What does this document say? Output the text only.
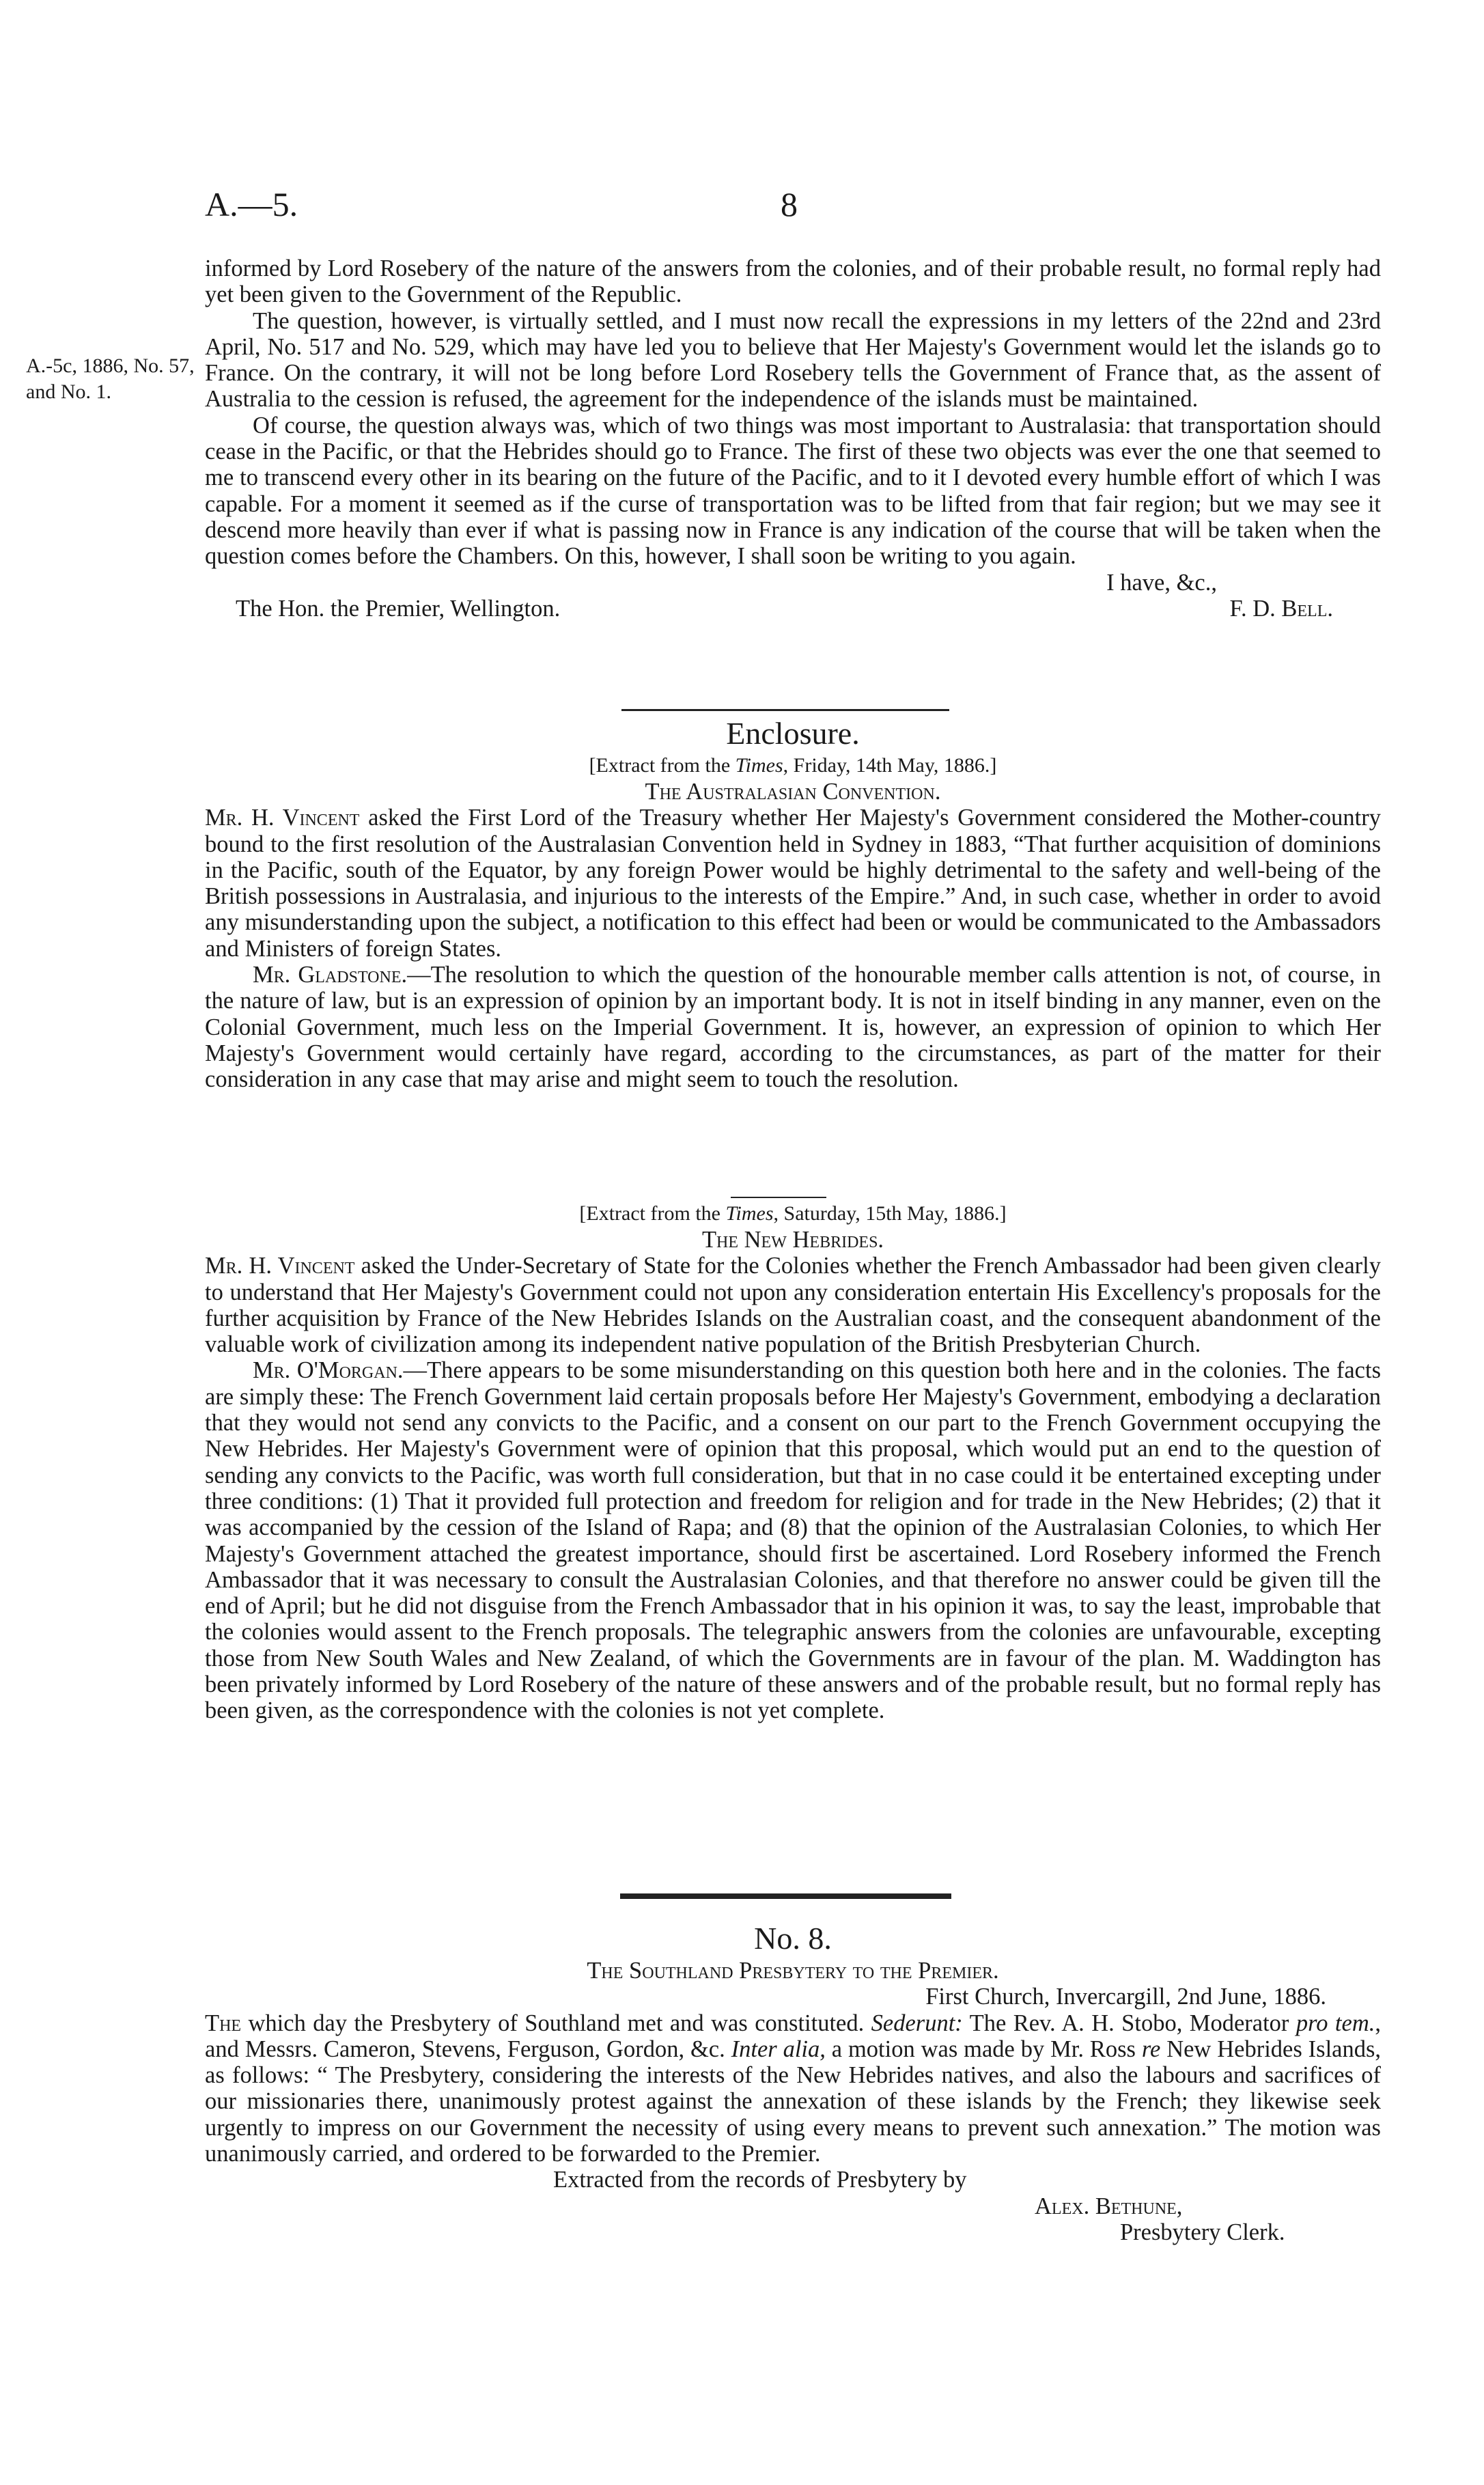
A.—5.	8
A.-5c, 1886, No. 57, and No. 1.

informed by Lord Rosebery of the nature of the answers from the colonies, and of their probable result, no formal reply had yet been given to the Government of the Republic.

The question, however, is virtually settled, and I must now recall the expressions in my letters of the 22nd and 23rd April, No. 517 and No. 529, which may have led you to believe that Her Majesty's Government would let the islands go to France. On the contrary, it will not be long before Lord Rosebery tells the Government of France that, as the assent of Australia to the cession is refused, the agreement for the independence of the islands must be maintained.

Of course, the question always was, which of two things was most important to Australasia: that transportation should cease in the Pacific, or that the Hebrides should go to France. The first of these two objects was ever the one that seemed to me to transcend every other in its bearing on the future of the Pacific, and to it I devoted every humble effort of which I was capable. For a moment it seemed as if the curse of transportation was to be lifted from that fair region; but we may see it descend more heavily than ever if what is passing now in France is any indication of the course that will be taken when the question comes before the Chambers. On this, however, I shall soon be writing to you again.

I have, &c.,

The Hon. the Premier, Wellington.	F. D. Bell.

Enclosure.

[Extract from the Times, Friday, 14th May, 1886.]

The Australasian Convention.

Mr. H. Vincent asked the First Lord of the Treasury whether Her Majesty's Government considered the Mother-country bound to the first resolution of the Australasian Convention held in Sydney in 1883, “That further acquisition of dominions in the Pacific, south of the Equator, by any foreign Power would be highly detrimental to the safety and well-being of the British possessions in Australasia, and injurious to the interests of the Empire.” And, in such case, whether in order to avoid any misunderstanding upon the subject, a notification to this effect had been or would be communicated to the Ambassadors and Ministers of foreign States.

Mr. Gladstone.—The resolution to which the question of the honourable member calls attention is not, of course, in the nature of law, but is an expression of opinion by an important body. It is not in itself binding in any manner, even on the Colonial Government, much less on the Imperial Government. It is, however, an expression of opinion to which Her Majesty's Government would certainly have regard, according to the circumstances, as part of the matter for their consideration in any case that may arise and might seem to touch the resolution.

[Extract from the Times, Saturday, 15th May, 1886.]

The New Hebrides.

Mr. H. Vincent asked the Under-Secretary of State for the Colonies whether the French Ambassador had been given clearly to understand that Her Majesty's Government could not upon any consideration entertain His Excellency's proposals for the further acquisition by France of the New Hebrides Islands on the Australian coast, and the consequent abandonment of the valuable work of civilization among its independent native population of the British Presbyterian Church.

Mr. O'Morgan.—There appears to be some misunderstanding on this question both here and in the colonies. The facts are simply these: The French Government laid certain proposals before Her Majesty's Government, embodying a declaration that they would not send any convicts to the Pacific, and a consent on our part to the French Government occupying the New Hebrides. Her Majesty's Government were of opinion that this proposal, which would put an end to the question of sending any convicts to the Pacific, was worth full consideration, but that in no case could it be entertained excepting under three conditions: (1) That it provided full protection and freedom for religion and for trade in the New Hebrides; (2) that it was accompanied by the cession of the Island of Rapa; and (8) that the opinion of the Australasian Colonies, to which Her Majesty's Government attached the greatest importance, should first be ascertained. Lord Rosebery informed the French Ambassador that it was necessary to consult the Australasian Colonies, and that therefore no answer could be given till the end of April; but he did not disguise from the French Ambassador that in his opinion it was, to say the least, improbable that the colonies would assent to the French proposals. The telegraphic answers from the colonies are unfavourable, excepting those from New South Wales and New Zealand, of which the Governments are in favour of the plan. M. Waddington has been privately informed by Lord Rosebery of the nature of these answers and of the probable result, but no formal reply has been given, as the correspondence with the colonies is not yet complete.

No. 8.

The Southland Presbytery to the Premier.

First Church, Invercargill, 2nd June, 1886.

The which day the Presbytery of Southland met and was constituted. Sederunt: The Rev. A. H. Stobo, Moderator pro tem., and Messrs. Cameron, Stevens, Ferguson, Gordon, &c. Inter alia, a motion was made by Mr. Ross re New Hebrides Islands, as follows: “ The Presbytery, considering the interests of the New Hebrides natives, and also the labours and sacrifices of our missionaries there, unanimously protest against the annexation of these islands by the French; they likewise seek urgently to impress on our Government the necessity of using every means to prevent such annexation.” The motion was unanimously carried, and ordered to be forwarded to the Premier.

Extracted from the records of Presbytery by

Alex. Bethune,

Presbytery Clerk.
